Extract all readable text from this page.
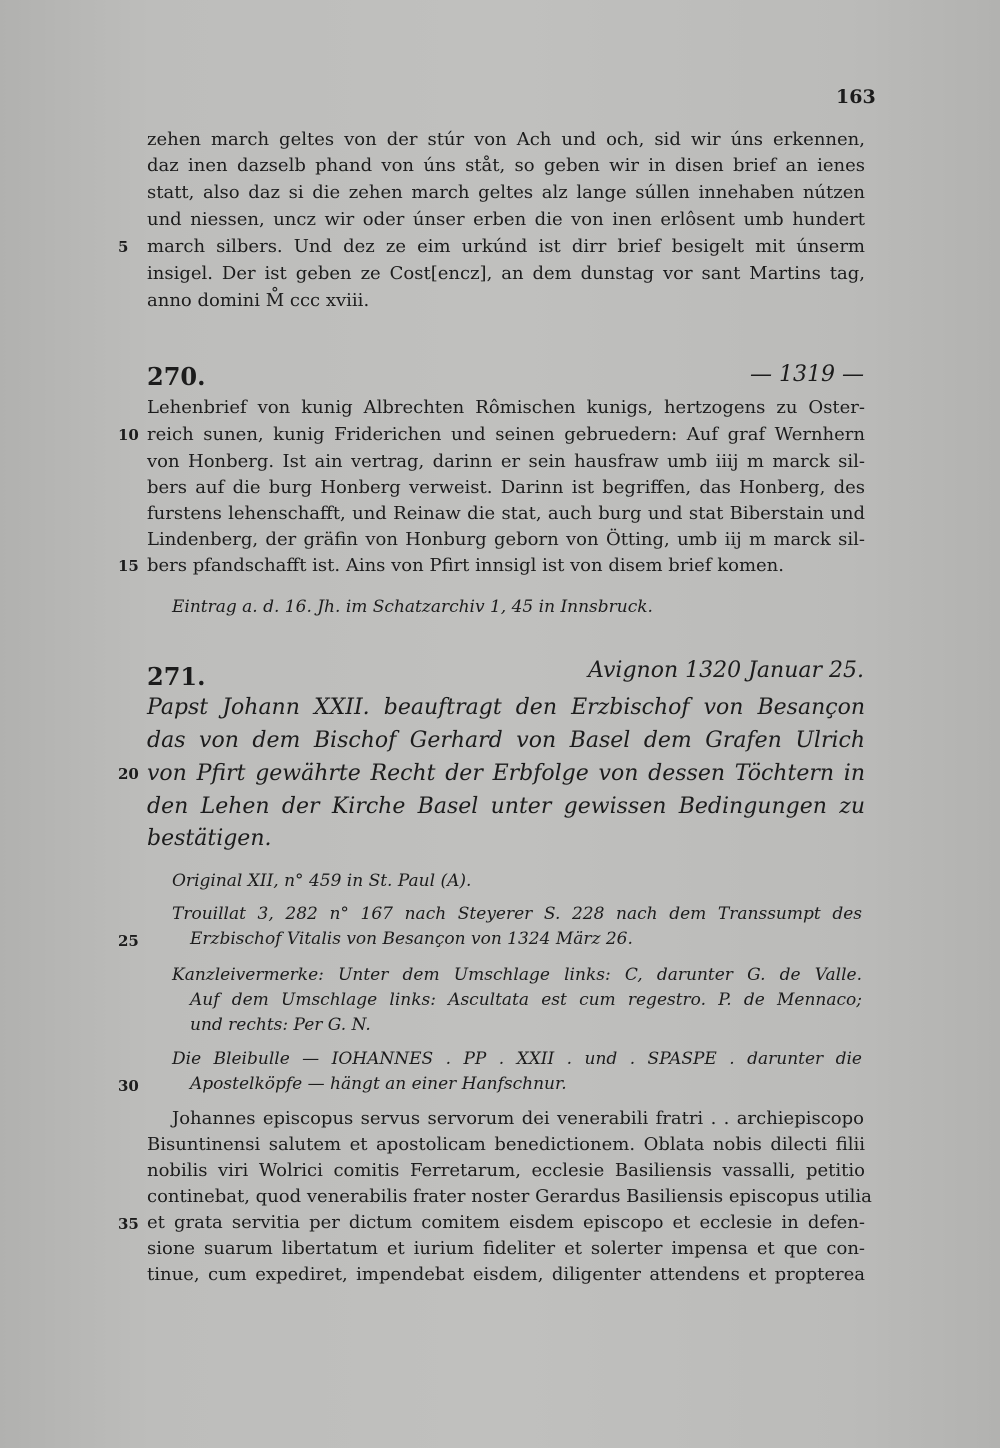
163
zehen march geltes von der stúr von Ach und och, sid wir úns erkennen,
daz inen dazselb phand von úns ståt, so geben wir in disen brief an ienes
statt, also daz si die zehen march geltes alz lange súllen innehaben nútzen
und niessen, uncz wir oder únser erben die von inen erlôsent umb hundert
5	march silbers. Und dez ze eim urkúnd ist dirr brief besigelt mit únserm
insigel. Der ist geben ze Cost[encz], an dem dunstag vor sant Martins tag,
anno domini M̊ ccc xviii.
270.	— 1319 —
Lehenbrief von kunig Albrechten Rômischen kunigs, hertzogens zu Oster-
10 reich sunen, kunig Friderichen und seinen gebruedern: Auf graf Wernhern
von Honberg. Ist ain vertrag, darinn er sein hausfraw umb iiij m marck sil-
bers auf die burg Honberg verweist. Darinn ist begriffen, das Honberg, des
furstens lehenschafft, und Reinaw die stat, auch burg und stat Biberstain und
Lindenberg, der gräfin von Honburg geborn von Ötting, umb iij m marck sil-
15 bers pfandschafft ist. Ains von Pfirt innsigl ist von disem brief komen.
Eintrag a. d. 16. Jh. im Schatzarchiv 1, 45 in Innsbruck.
271.	Avignon 1320 Januar 25.
Papst Johann XXII. beauftragt den Erzbischof von Besançon
das von dem Bischof Gerhard von Basel dem Grafen Ulrich
20 von Pfirt gewährte Recht der Erbfolge von dessen Töchtern in
den Lehen der Kirche Basel unter gewissen Bedingungen zu
bestätigen.
Original XII, n° 459 in St. Paul (A).
Trouillat 3, 282 n° 167 nach Steyerer S. 228 nach dem Transsumpt des
25	Erzbischof Vitalis von Besançon von 1324 März 26.
Kanzleivermerke: Unter dem Umschlage links: C, darunter G. de Valle.
Auf dem Umschlage links: Ascultata est cum regestro. P. de Mennaco;
und rechts: Per G. N.
Die Bleibulle — IOHANNES . PP . XXII . und . SPASPE . darunter die
30	Apostelköpfe — hängt an einer Hanfschnur.
Johannes episcopus servus servorum dei venerabili fratri . . archiepiscopo
Bisuntinensi salutem et apostolicam benedictionem. Oblata nobis dilecti filii
nobilis viri Wolrici comitis Ferretarum, ecclesie Basiliensis vassalli, petitio
continebat, quod venerabilis frater noster Gerardus Basiliensis episcopus utilia
35 et grata servitia per dictum comitem eisdem episcopo et ecclesie in defen-
sione suarum libertatum et iurium fideliter et solerter impensa et que con-
tinue, cum expediret, impendebat eisdem, diligenter attendens et propterea
